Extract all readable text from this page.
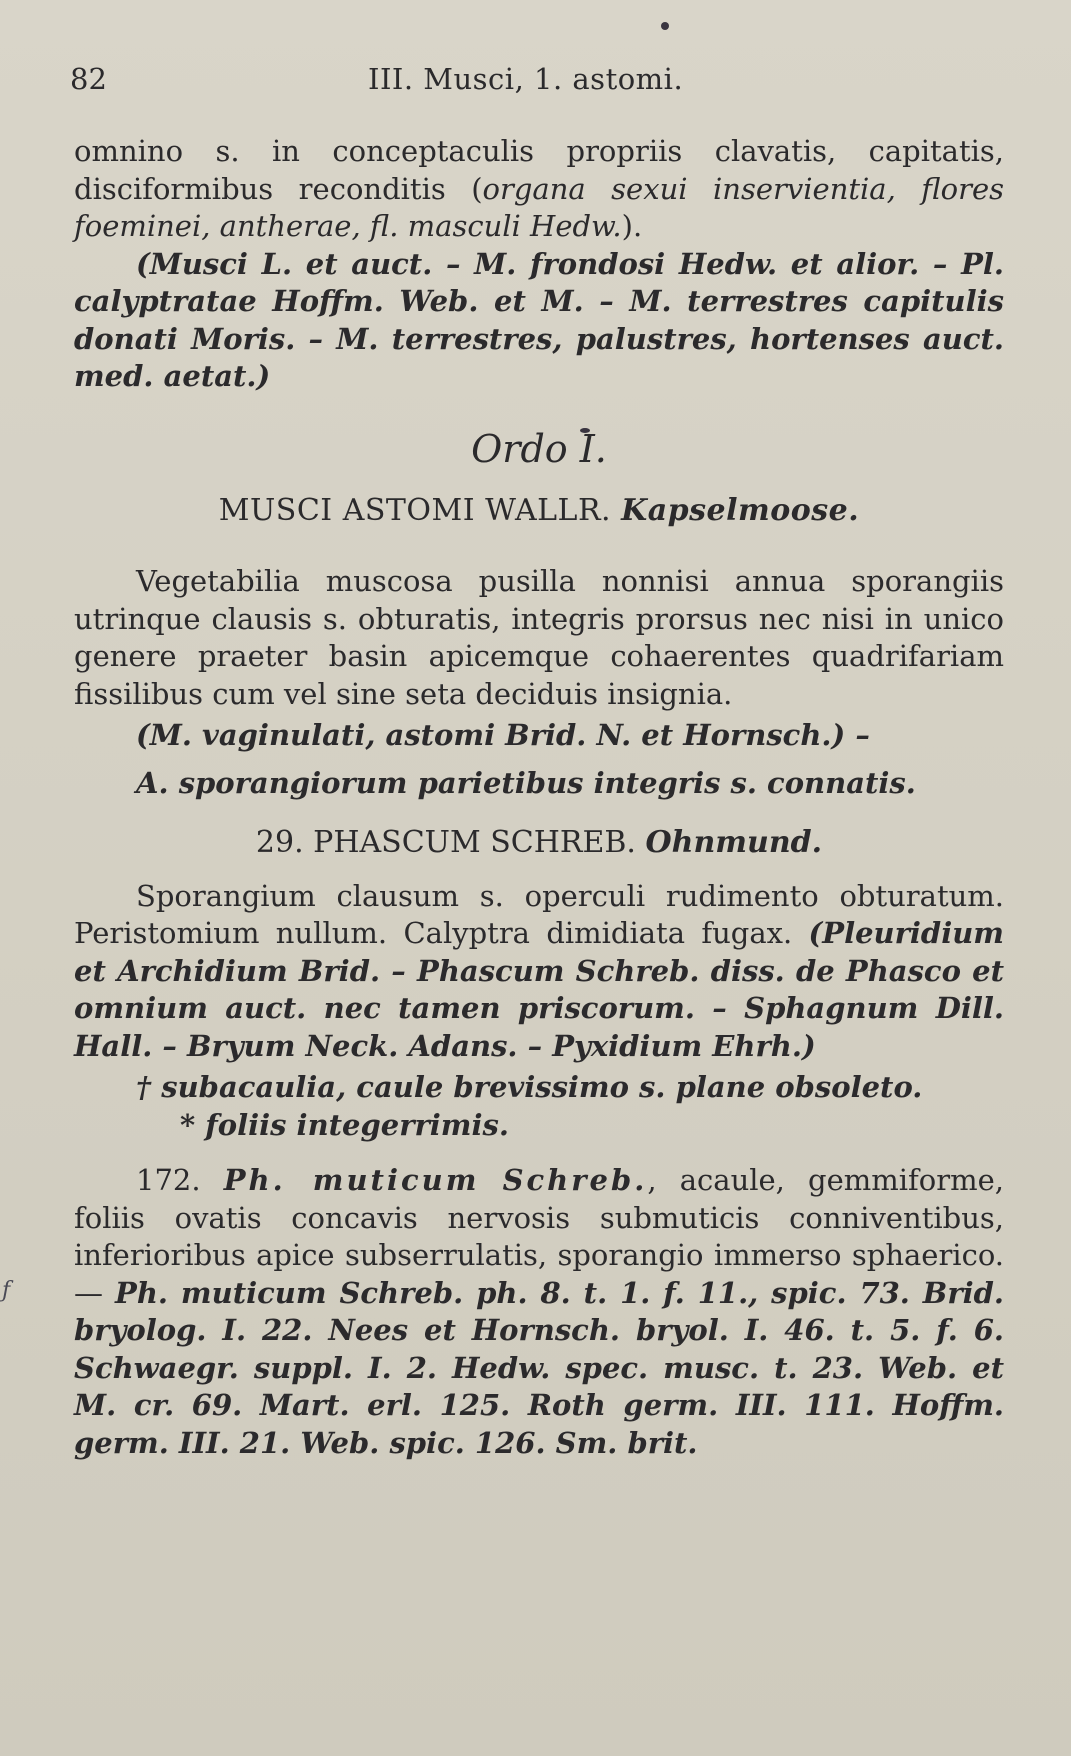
82	III. Musci, 1. astomi.

omnino s. in conceptaculis propriis clavatis, capitatis, disciformibus reconditis (organa sexui inservientia, flores foeminei, antherae, fl. masculi Hedw.).

(Musci L. et auct. – M. frondosi Hedw. et alior. – Pl. calyptratae Hoffm. Web. et M. – M. terrestres capitulis donati Moris. – M. terrestres, palustres, hortenses auct. med. aetat.)

Ordo I.

MUSCI ASTOMI WALLR. Kapselmoose.

Vegetabilia muscosa pusilla nonnisi annua sporangiis utrinque clausis s. obturatis, integris prorsus nec nisi in unico genere praeter basin apicemque cohaerentes quadrifariam fissilibus cum vel sine seta deciduis insignia.

(M. vaginulati, astomi Brid. N. et Hornsch.) –

A. sporangiorum parietibus integris s. connatis.

29. PHASCUM SCHREB. Ohnmund.

Sporangium clausum s. operculi rudimento obturatum. Peristomium nullum. Calyptra dimidiata fugax. (Pleuridium et Archidium Brid. – Phascum Schreb. diss. de Phasco et omnium auct. nec tamen priscorum. – Sphagnum Dill. Hall. – Bryum Neck. Adans. – Pyxidium Ehrh.)

† subacaulia, caule brevissimo s. plane obsoleto.

* foliis integerrimis.

172. Ph. muticum Schreb., acaule, gemmiforme, foliis ovatis concavis nervosis submuticis conniventibus, inferioribus apice subserrulatis, sporangio immerso sphaerico. — Ph. muticum Schreb. ph. 8. t. 1. f. 11., spic. 73. Brid. bryolog. I. 22. Nees et Hornsch. bryol. I. 46. t. 5. f. 6. Schwaegr. suppl. I. 2. Hedw. spec. musc. t. 23. Web. et M. cr. 69. Mart. erl. 125. Roth germ. III. 111. Hoffm. germ. III. 21. Web. spic. 126. Sm. brit.

ƒ
